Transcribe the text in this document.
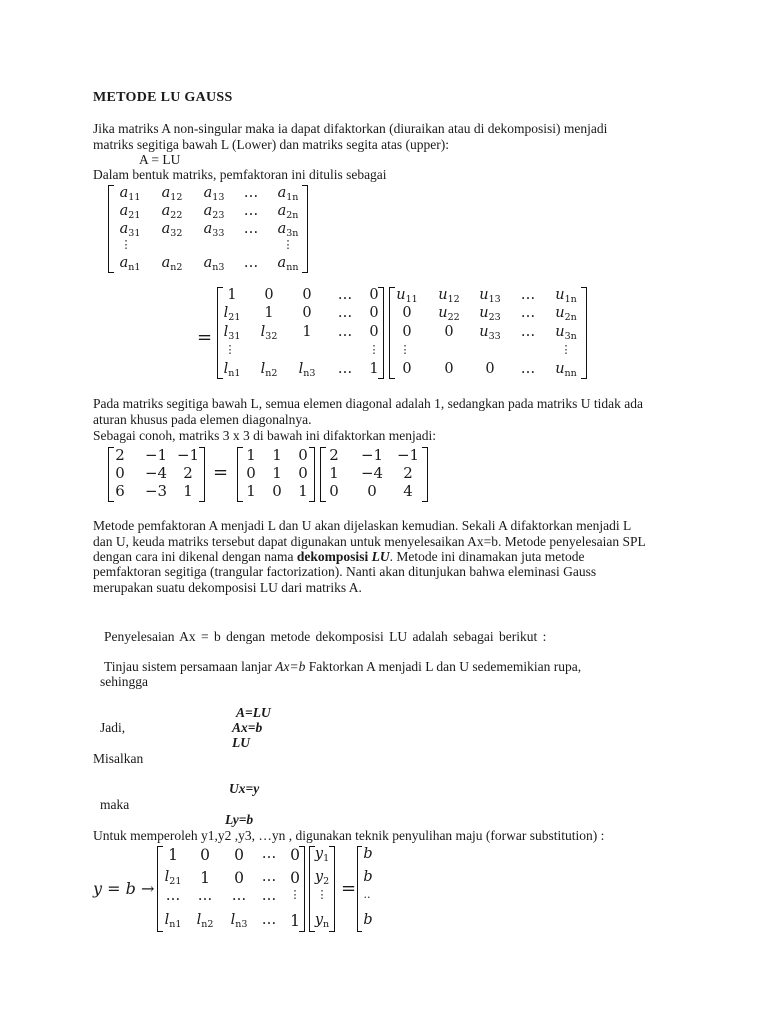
METODE LU GAUSS
Jika matriks A non-singular maka ia dapat difaktorkan (diuraikan atau di dekomposisi) menjadi
matriks segitiga bawah L (Lower) dan matriks segita atas (upper):
A = LU
Dalam bentuk matriks, pemfaktoran ini ditulis sebagai
$a_{11}$ $a_{12}$ $a_{13}$ … $a_{1n}$
$a_{21}$ $a_{22}$ $a_{23}$ … $a_{2n}$
$a_{31}$ $a_{32}$ $a_{33}$ … $a_{3n}$
⋮	⋮
$a_{n1}$ $a_{n2}$ $a_{n3}$ … $a_{nn}$
=
1 0 0 … 0
$l_{21}$ 1 0 … 0
$l_{31}$ $l_{32}$ 1 … 0
⋮	⋮
$l_{n1}$ $l_{n2}$ $l_{n3}$ … 1
$u_{11}$ $u_{12}$ $u_{13}$ … $u_{1n}$
0 $u_{22}$ $u_{23}$ … $u_{2n}$
0 0 $u_{33}$ … $u_{3n}$
⋮	⋮
0 0 0 … $u_{nn}$
Pada matriks segitiga bawah L, semua elemen diagonal adalah 1, sedangkan pada matriks U tidak ada
aturan khusus pada elemen diagonalnya.
Sebagai conoh, matriks 3 x 3 di bawah ini difaktorkan menjadi:
2 −1 −1
0 −4 2
6 −3 1
=
1 1 0
0 1 0
1 0 1
2 −1 −1
1 −4 2
0 0 4
Metode pemfaktoran A menjadi L dan U akan dijelaskan kemudian. Sekali A difaktorkan menjadi L
dan U, keuda matriks tersebut dapat digunakan untuk menyelesaikan Ax=b. Metode penyelesaian SPL
dengan cara ini dikenal dengan nama dekomposisi LU. Metode ini dinamakan juta metode
pemfaktoran segitiga (trangular factorization). Nanti akan ditunjukan bahwa eleminasi Gauss
merupakan suatu dekomposisi LU dari matriks A.
Penyelesaian Ax = b dengan metode dekomposisi LU adalah sebagai berikut :
Tinjau sistem persamaan lanjar Ax=b Faktorkan A menjadi L dan U sedememikian rupa,
sehingga
A=LU
Jadi,	Ax=b
LU
Misalkan
Ux=y
maka
Ly=b
Untuk memperoleh y1,y2 ,y3, …yn , digunakan teknik penyulihan maju (forwar substitution) :
y = b →
1 0 0 … 0
$l_{21}$ 1 0 … 0
… … … … ⋮
$l_{n1}$ $l_{n2}$ $l_{n3}$ … 1
$y_1$
$y_2$
⋮
$y_n$
=
b
b
..
b
